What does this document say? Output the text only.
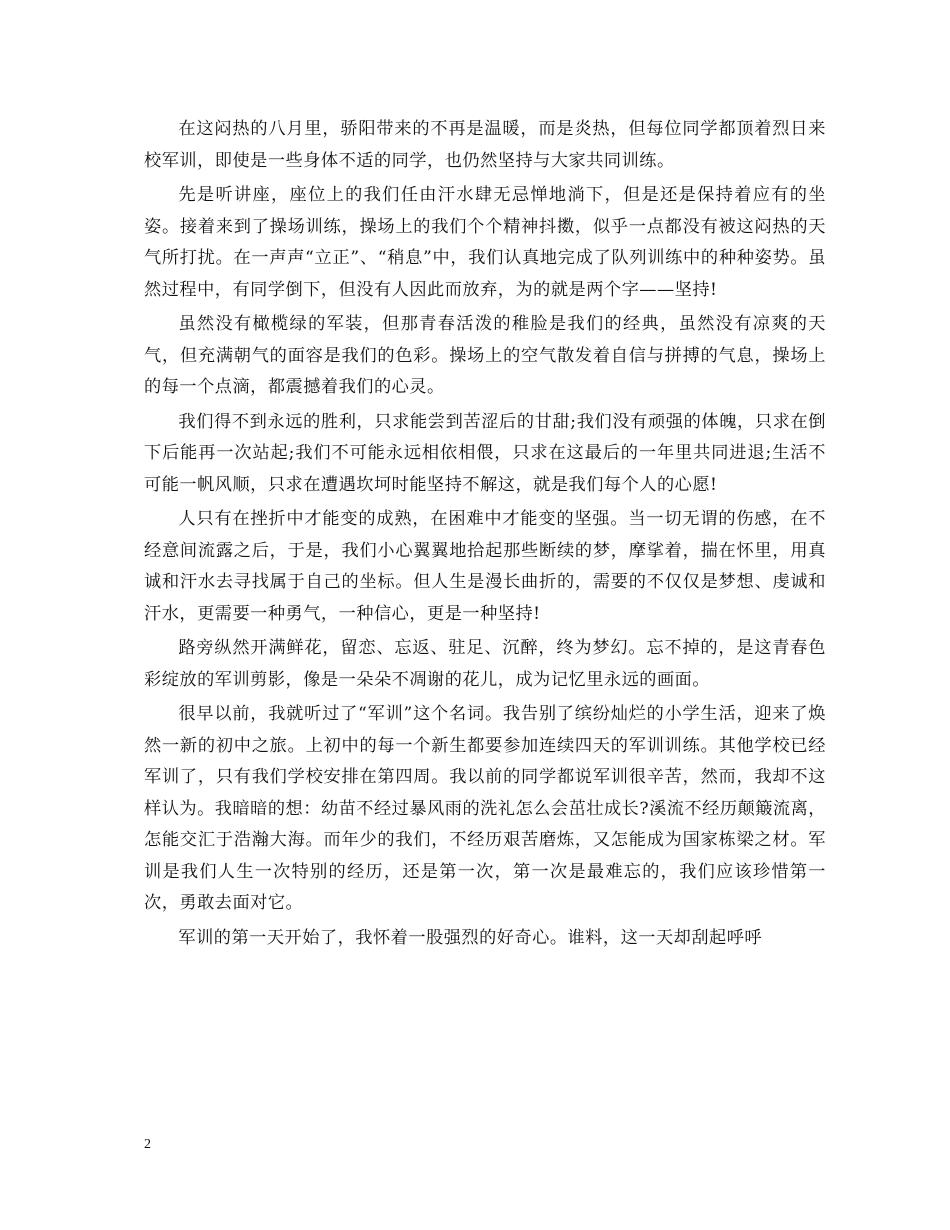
在这闷热的八月里，骄阳带来的不再是温暖，而是炎热，但每位同学都顶着烈日来校军训，即使是一些身体不适的同学，也仍然坚持与大家共同训练。

先是听讲座，座位上的我们任由汗水肆无忌惮地淌下，但是还是保持着应有的坐姿。接着来到了操场训练，操场上的我们个个精神抖擞，似乎一点都没有被这闷热的天气所打扰。在一声声“立正”、“稍息”中，我们认真地完成了队列训练中的种种姿势。虽然过程中，有同学倒下，但没有人因此而放弃，为的就是两个字——坚持!

虽然没有橄榄绿的军装，但那青春活泼的稚脸是我们的经典，虽然没有凉爽的天气，但充满朝气的面容是我们的色彩。操场上的空气散发着自信与拼搏的气息，操场上的每一个点滴，都震撼着我们的心灵。

我们得不到永远的胜利，只求能尝到苦涩后的甘甜;我们没有顽强的体魄，只求在倒下后能再一次站起;我们不可能永远相依相偎，只求在这最后的一年里共同进退;生活不可能一帆风顺，只求在遭遇坎坷时能坚持不解这，就是我们每个人的心愿!

人只有在挫折中才能变的成熟，在困难中才能变的坚强。当一切无谓的伤感，在不经意间流露之后，于是，我们小心翼翼地拾起那些断续的梦，摩挲着，揣在怀里，用真诚和汗水去寻找属于自己的坐标。但人生是漫长曲折的，需要的不仅仅是梦想、虔诚和汗水，更需要一种勇气，一种信心，更是一种坚持!

路旁纵然开满鲜花，留恋、忘返、驻足、沉醉，终为梦幻。忘不掉的，是这青春色彩绽放的军训剪影，像是一朵朵不凋谢的花儿，成为记忆里永远的画面。

很早以前，我就听过了“军训”这个名词。我告别了缤纷灿烂的小学生活，迎来了焕然一新的初中之旅。上初中的每一个新生都要参加连续四天的军训训练。其他学校已经军训了，只有我们学校安排在第四周。我以前的同学都说军训很辛苦，然而，我却不这样认为。我暗暗的想：幼苗不经过暴风雨的洗礼怎么会茁壮成长?溪流不经历颠簸流离，怎能交汇于浩瀚大海。而年少的我们，不经历艰苦磨炼，又怎能成为国家栋梁之材。军训是我们人生一次特别的经历，还是第一次，第一次是最难忘的，我们应该珍惜第一次，勇敢去面对它。

军训的第一天开始了，我怀着一股强烈的好奇心。谁料，这一天却刮起呼呼

2
